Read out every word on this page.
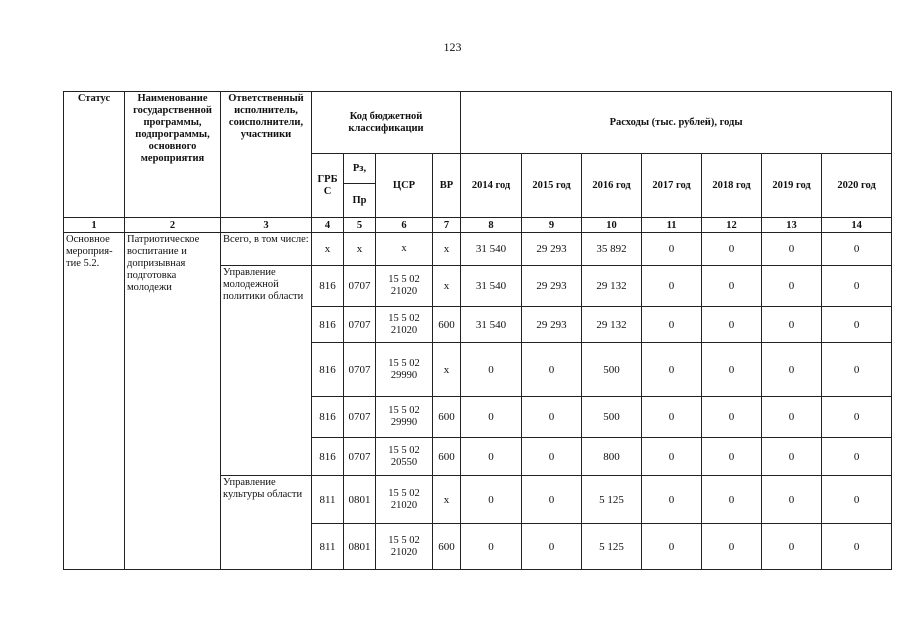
123
Статус	Наименование государственной программы, подпрограммы, основного мероприятия	Ответственный исполнитель, соисполнители, участники	Код бюджетной классификации				Расходы (тыс. рублей), годы						
			ГРБ С	Рз,	ЦСР	ВР	2014 год	2015 год	2016 год	2017 год	2018 год	2019 год	2020 год
				Пр									
1	2	3	4	5	6	7	8	9	10	11	12	13	14
Основное мероприя-тие 5.2.	Патриотическое воспитание и допризывная подготовка молодежи	Всего, в том числе:	х	х	х	х	31 540	29 293	35 892	0	0	0	0
		Управление молодежной политики области	816	0707	15 5 02 21020	х	31 540	29 293	29 132	0	0	0	0
			816	0707	15 5 02 21020	600	31 540	29 293	29 132	0	0	0	0
			816	0707	15 5 02 29990	х	0	0	500	0	0	0	0
			816	0707	15 5 02 29990	600	0	0	500	0	0	0	0
			816	0707	15 5 02 20550	600	0	0	800	0	0	0	0
		Управление культуры области	811	0801	15 5 02 21020	х	0	0	5 125	0	0	0	0
			811	0801	15 5 02 21020	600	0	0	5 125	0	0	0	0
